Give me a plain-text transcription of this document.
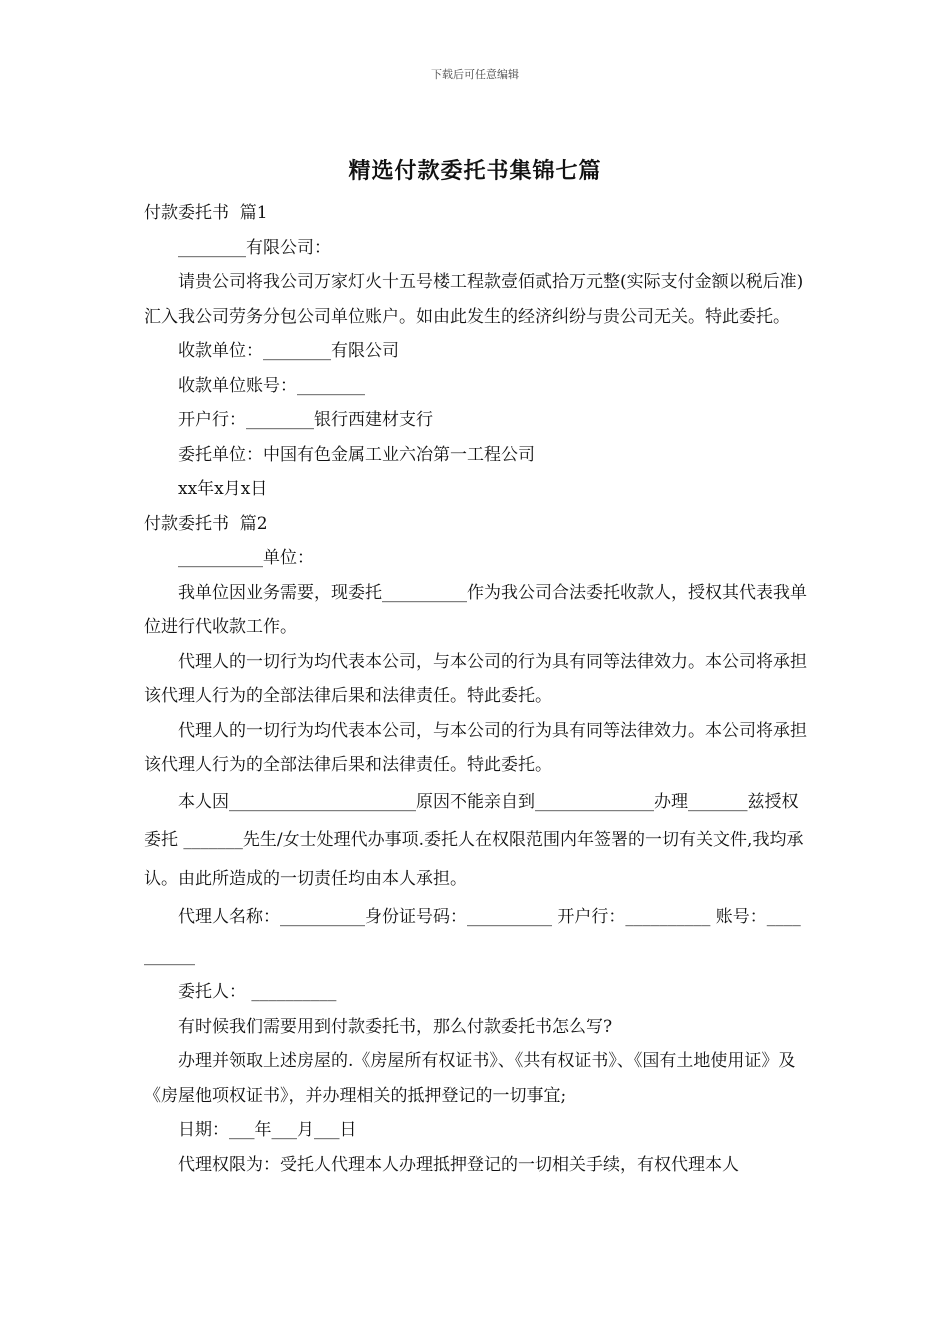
下载后可任意编辑
精选付款委托书集锦七篇

付款委托书  篇1

________有限公司：

请贵公司将我公司万家灯火十五号楼工程款壹佰贰拾万元整(实际支付金额以税后准)汇入我公司劳务分包公司单位账户。如由此发生的经济纠纷与贵公司无关。特此委托。

收款单位：________有限公司

收款单位账号：________

开户行：________银行西建材支行

委托单位：中国有色金属工业六冶第一工程公司

xx年x月x日

付款委托书  篇2

__________单位：

我单位因业务需要，现委托__________作为我公司合法委托收款人，授权其代表我单位进行代收款工作。

代理人的一切行为均代表本公司，与本公司的行为具有同等法律效力。本公司将承担该代理人行为的全部法律后果和法律责任。特此委托。

代理人的一切行为均代表本公司，与本公司的行为具有同等法律效力。本公司将承担该代理人行为的全部法律后果和法律责任。特此委托。

本人因______________________原因不能亲自到______________办理_______兹授权委托 _______先生/女士处理代办事项.委托人在权限范围内年签署的一切有关文件,我均承认。由此所造成的一切责任均由本人承担。

代理人名称：__________身份证号码：__________ 开户行：__________ 账号：__________

委托人： __________

有时候我们需要用到付款委托书，那么付款委托书怎么写?

办理并领取上述房屋的.《房屋所有权证书》、《共有权证书》、《国有土地使用证》及《房屋他项权证书》，并办理相关的抵押登记的一切事宜;

日期：___年___月___日

代理权限为：受托人代理本人办理抵押登记的一切相关手续，有权代理本人
